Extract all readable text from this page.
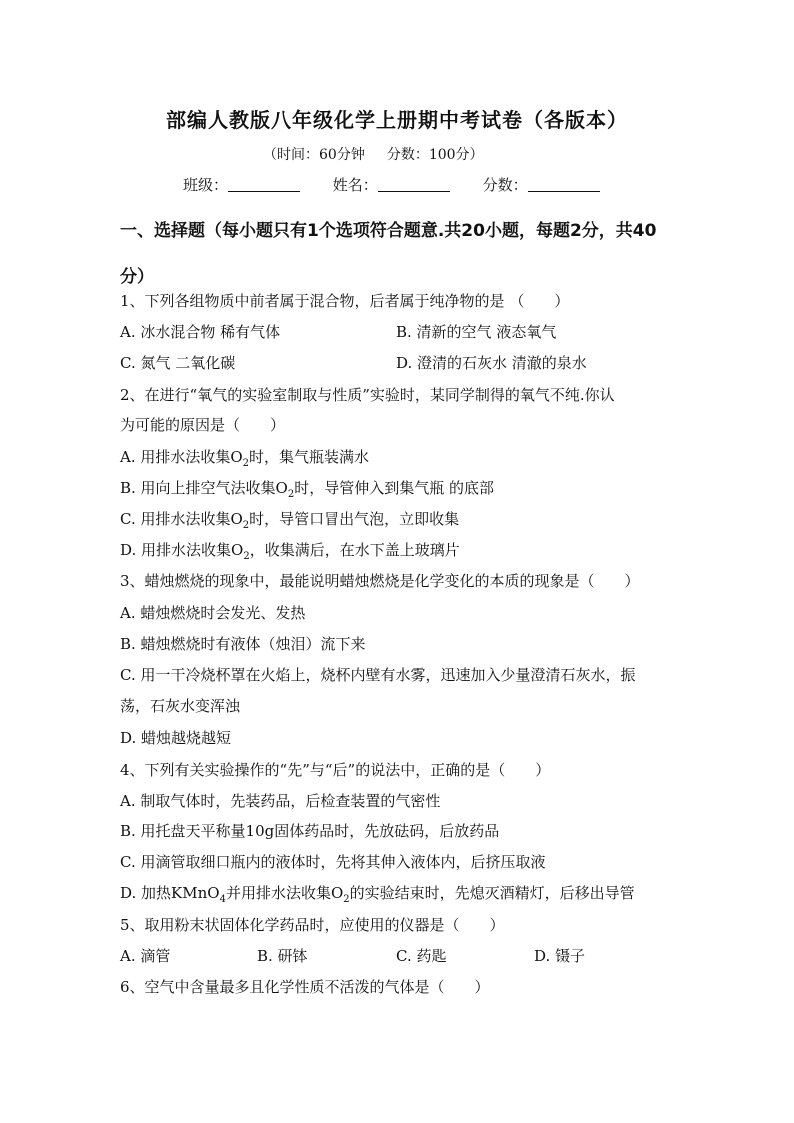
部编人教版八年级化学上册期中考试卷（各版本）
（时间：60分钟 分数：100分）
班级：	姓名：	分数：
一、选择题（每小题只有1个选项符合题意.共20小题，每题2分，共40分）
1、下列各组物质中前者属于混合物，后者属于纯净物的是 （　　）
A. 冰水混合物 稀有气体	B. 清新的空气 液态氧气
C. 氮气 二氧化碳	D. 澄清的石灰水 清澈的泉水
2、在进行“氧气的实验室制取与性质”实验时，某同学制得的氧气不纯.你认
为可能的原因是（　　）
A. 用排水法收集$O_2$时，集气瓶装满水
B. 用向上排空气法收集$O_2$时，导管伸入到集气瓶 的底部
C. 用排水法收集$O_2$时，导管口冒出气泡，立即收集
D. 用排水法收集$O_2$，收集满后，在水下盖上玻璃片
3、蜡烛燃烧的现象中，最能说明蜡烛燃烧是化学变化的本质的现象是（　　）
A. 蜡烛燃烧时会发光、发热
B. 蜡烛燃烧时有液体（烛泪）流下来
C. 用一干冷烧杯罩在火焰上，烧杯内壁有水雾，迅速加入少量澄清石灰水，振
荡，石灰水变浑浊
D. 蜡烛越烧越短
4、下列有关实验操作的“先”与“后”的说法中，正确的是（　　）
A. 制取气体时，先装药品，后检查装置的气密性
B. 用托盘天平称量10g固体药品时，先放砝码，后放药品
C. 用滴管取细口瓶内的液体时，先将其伸入液体内，后挤压取液
D. 加热KMnO$_4$并用排水法收集$O_2$的实验结束时，先熄灭酒精灯，后移出导管
5、取用粉末状固体化学药品时，应使用的仪器是（　　）
A. 滴管	B. 研钵	C. 药匙	D. 镊子
6、空气中含量最多且化学性质不活泼的气体是（　　）
